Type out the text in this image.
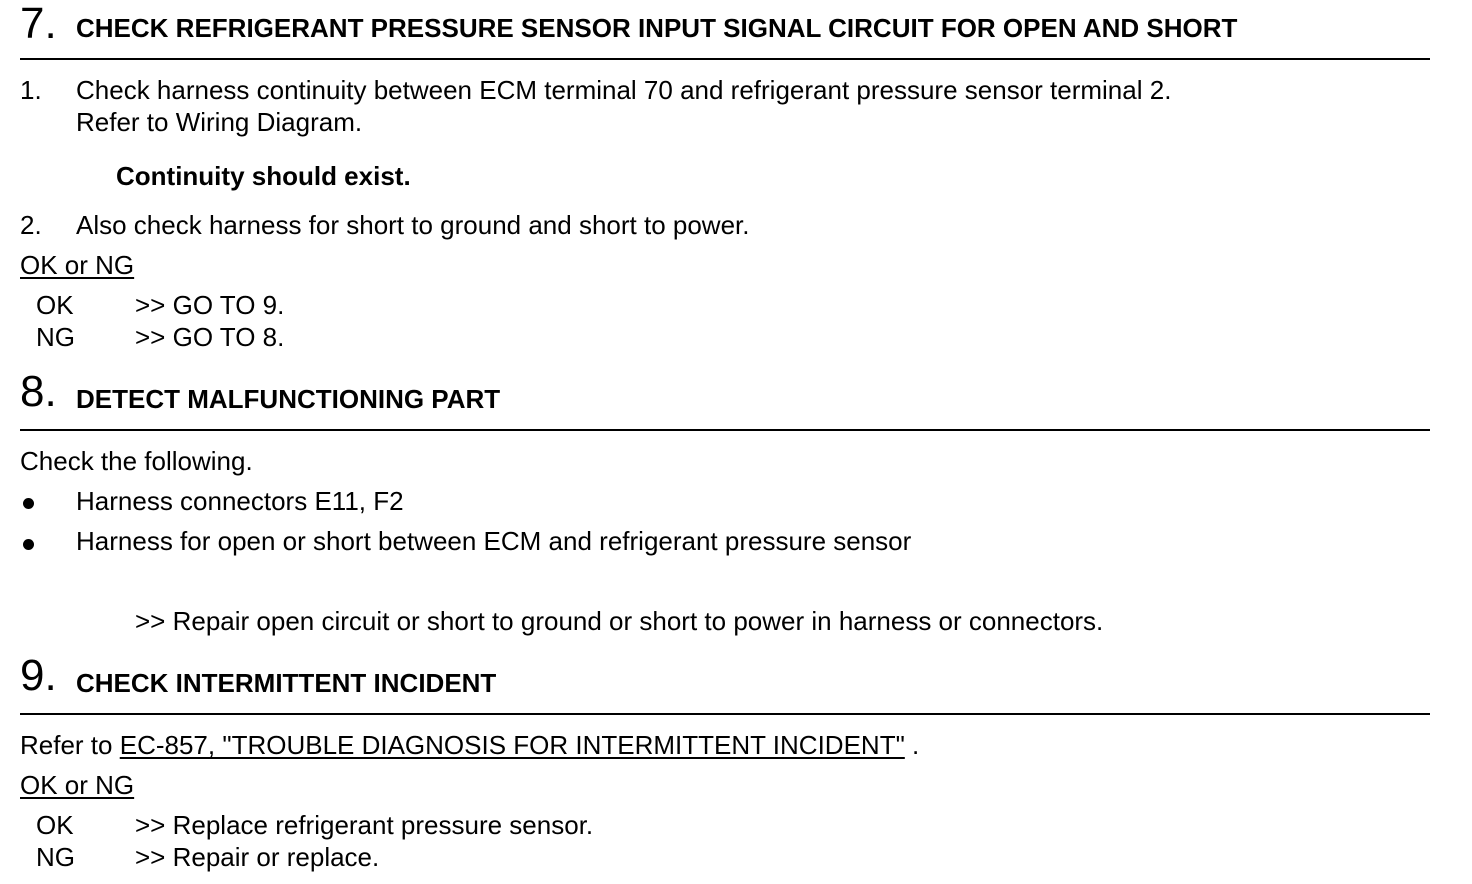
7. CHECK REFRIGERANT PRESSURE SENSOR INPUT SIGNAL CIRCUIT FOR OPEN AND SHORT
1. Check harness continuity between ECM terminal 70 and refrigerant pressure sensor terminal 2.
Refer to Wiring Diagram.
Continuity should exist.
2. Also check harness for short to ground and short to power.
OK or NG
OK >> GO TO 9.
NG >> GO TO 8.
8. DETECT MALFUNCTIONING PART
Check the following.
Harness connectors E11, F2
Harness for open or short between ECM and refrigerant pressure sensor
>> Repair open circuit or short to ground or short to power in harness or connectors.
9. CHECK INTERMITTENT INCIDENT
Refer to EC-857, "TROUBLE DIAGNOSIS FOR INTERMITTENT INCIDENT" .
OK or NG
OK >> Replace refrigerant pressure sensor.
NG >> Repair or replace.
